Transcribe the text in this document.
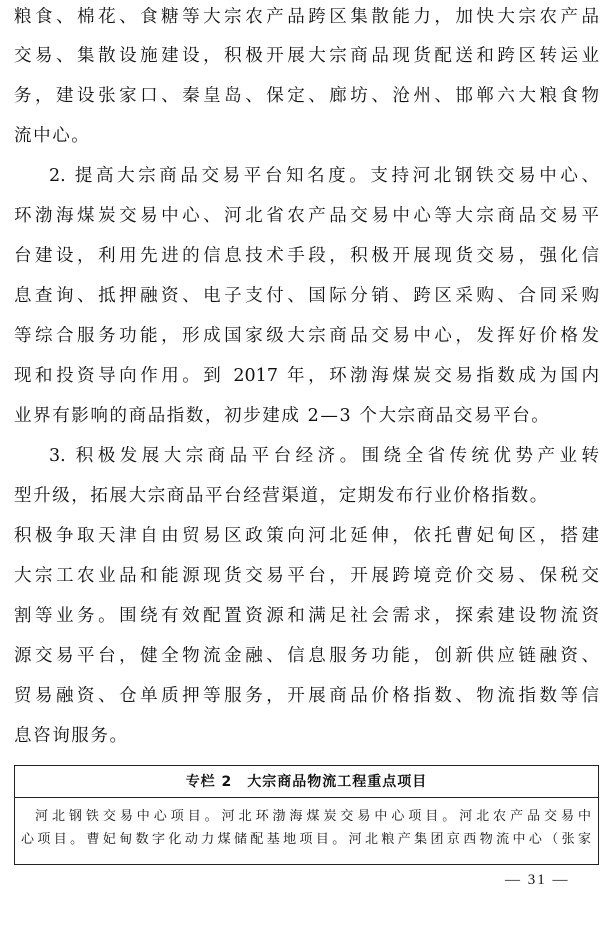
粮食、棉花、食糖等大宗农产品跨区集散能力，加快大宗农产品
交易、集散设施建设，积极开展大宗商品现货配送和跨区转运业
务，建设张家口、秦皇岛、保定、廊坊、沧州、邯郸六大粮食物
流中心。
2. 提高大宗商品交易平台知名度。支持河北钢铁交易中心、
环渤海煤炭交易中心、河北省农产品交易中心等大宗商品交易平
台建设，利用先进的信息技术手段，积极开展现货交易，强化信
息查询、抵押融资、电子支付、国际分销、跨区采购、合同采购
等综合服务功能，形成国家级大宗商品交易中心，发挥好价格发
现和投资导向作用。到 2017 年，环渤海煤炭交易指数成为国内
业界有影响的商品指数，初步建成 2—3 个大宗商品交易平台。
3. 积极发展大宗商品平台经济。围绕全省传统优势产业转
型升级，拓展大宗商品平台经营渠道，定期发布行业价格指数。
积极争取天津自由贸易区政策向河北延伸，依托曹妃甸区，搭建
大宗工农业品和能源现货交易平台，开展跨境竞价交易、保税交
割等业务。围绕有效配置资源和满足社会需求，探索建设物流资
源交易平台，健全物流金融、信息服务功能，创新供应链融资、
贸易融资、仓单质押等服务，开展商品价格指数、物流指数等信
息咨询服务。
专栏 2　大宗商品物流工程重点项目
河北钢铁交易中心项目。河北环渤海煤炭交易中心项目。河北农产品交易中
心项目。曹妃甸数字化动力煤储配基地项目。河北粮产集团京西物流中心（张家
— 31 —
